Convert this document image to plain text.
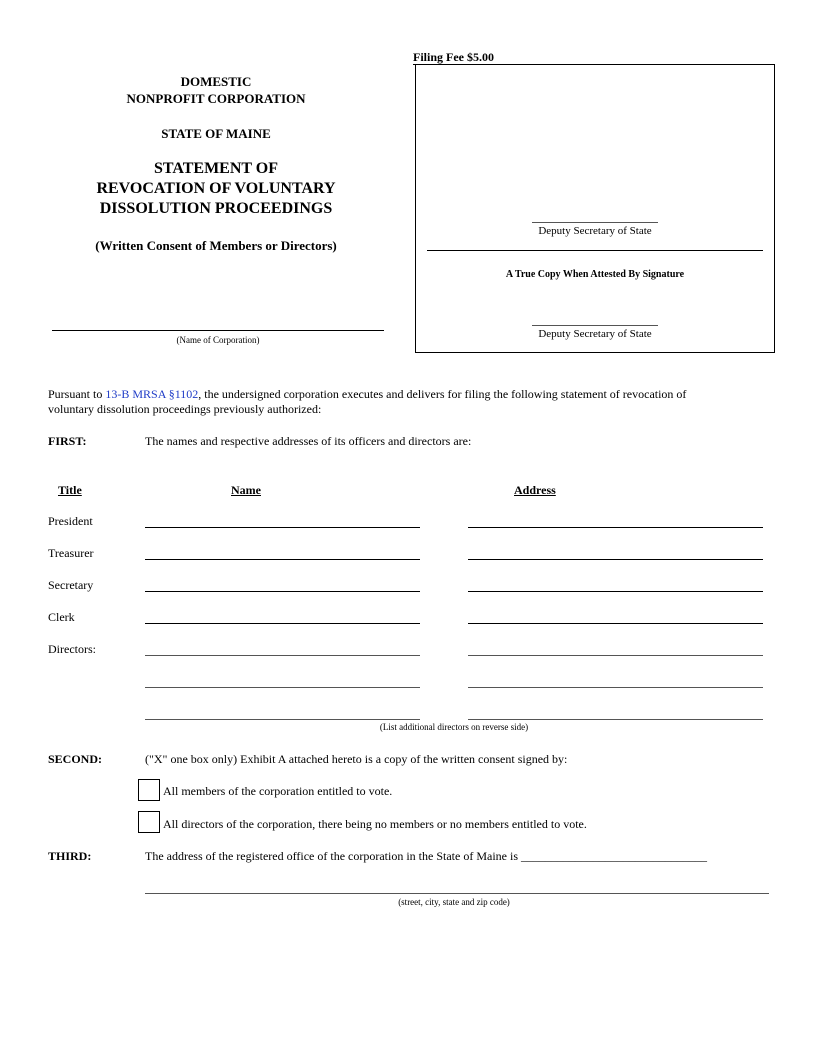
DOMESTIC
NONPROFIT CORPORATION
STATE OF MAINE
STATEMENT OF
REVOCATION OF VOLUNTARY
DISSOLUTION PROCEEDINGS
(Written Consent of Members or Directors)
(Name of Corporation)
Filing Fee $5.00
Deputy Secretary of State
A True Copy When Attested By Signature
Deputy Secretary of State
Pursuant to 13-B MRSA §1102, the undersigned corporation executes and delivers for filing the following statement of revocation of
voluntary dissolution proceedings previously authorized:
FIRST:	The names and respective addresses of its officers and directors are:
Title	Name	Address
President
Treasurer
Secretary
Clerk
Directors:
(List additional directors on reverse side)
SECOND:	("X" one box only) Exhibit A attached hereto is a copy of the written consent signed by:
All members of the corporation entitled to vote.
All directors of the corporation, there being no members or no members entitled to vote.
THIRD:	The address of the registered office of the corporation in the State of Maine is _______________________________
(street, city, state and zip code)
